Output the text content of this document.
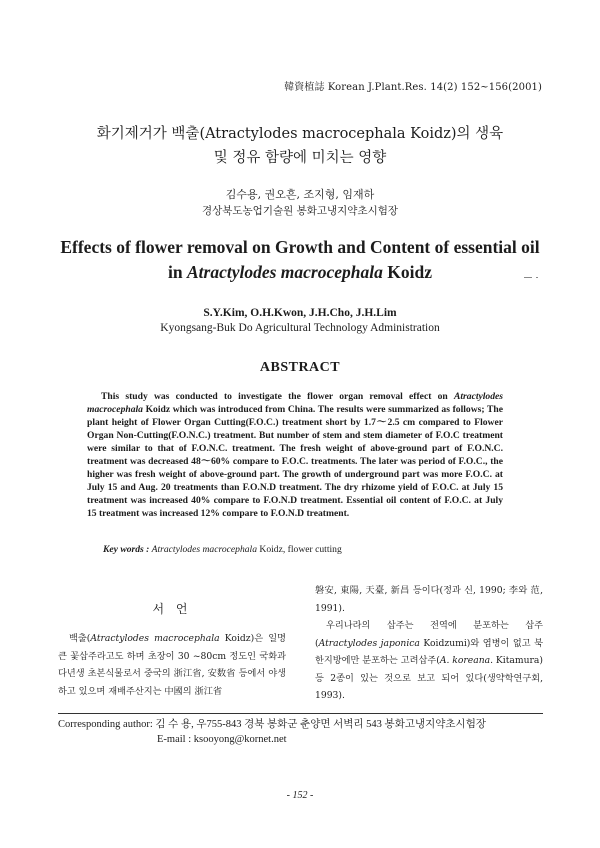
韓資植誌 Korean J.Plant.Res. 14(2) 152~156(2001)
화기제거가 백출(Atractylodes macrocephala Koidz)의 생육
및 정유 함량에 미치는 영향
김수용, 권오흔, 조지형, 임재하
경상북도농업기술원 봉화고냉지약초시험장
Effects of flower removal on Growth and Content of essential oil
in Atractylodes macrocephala Koidz
S.Y.Kim, O.H.Kwon, J.H.Cho, J.H.Lim
Kyongsang-Buk Do Agricultural Technology Administration
ABSTRACT
This study was conducted to investigate the flower organ removal effect on Atractylodes macrocephala Koidz which was introduced from China. The results were summarized as follows; The plant height of Flower Organ Cutting(F.O.C.) treatment short by 1.7～2.5 cm compared to Flower Organ Non-Cutting(F.O.N.C.) treatment. But number of stem and stem diameter of F.O.C treatment were similar to that of F.O.N.C. treatment. The fresh weight of above-ground part of F.O.N.C. treatment was decreased 48～60% compare to F.O.C. treatments. The later was period of F.O.C., the higher was fresh weight of above-ground part. The growth of underground part was more F.O.C. at July 15 and Aug. 20 treatments than F.O.N.D treatment. The dry rhizome yield of F.O.C. at July 15 treatment was increased 40% compare to F.O.N.D treatment. Essential oil content of F.O.C. at July 15 treatment was increased 12% compare to F.O.N.D treatment.
Key words : Atractylodes macrocephala Koidz, flower cutting
서 언
백출(Atractylodes macrocephala Koidz)은 일명 큰 꽃삽주라고도 하며 초장이 30 ~80cm 정도인 국화과 다년생 초본식물로서 중국의 浙江省, 安数省 등에서 야생하고 있으며 재배주산지는 中國의 浙江省
磐安, 東陽, 天臺, 新昌 등이다(정과 신, 1990; 李와 范, 1991).
우리나라의 삽주는 전역에 분포하는 삽주(Atractylodes japonica Koidzumi)와 엽병이 없고 북한지방에만 분포하는 고려삽주(A. koreana. Kitamura)등 2종이 있는 것으로 보고 되어 있다(생약학연구회, 1993).
Corresponding author: 김 수 용, 우755-843 경북 봉화군 춘양면 서벽리 543 봉화고냉지약초시험장
E-mail : ksooyong@kornet.net
- 152 -
